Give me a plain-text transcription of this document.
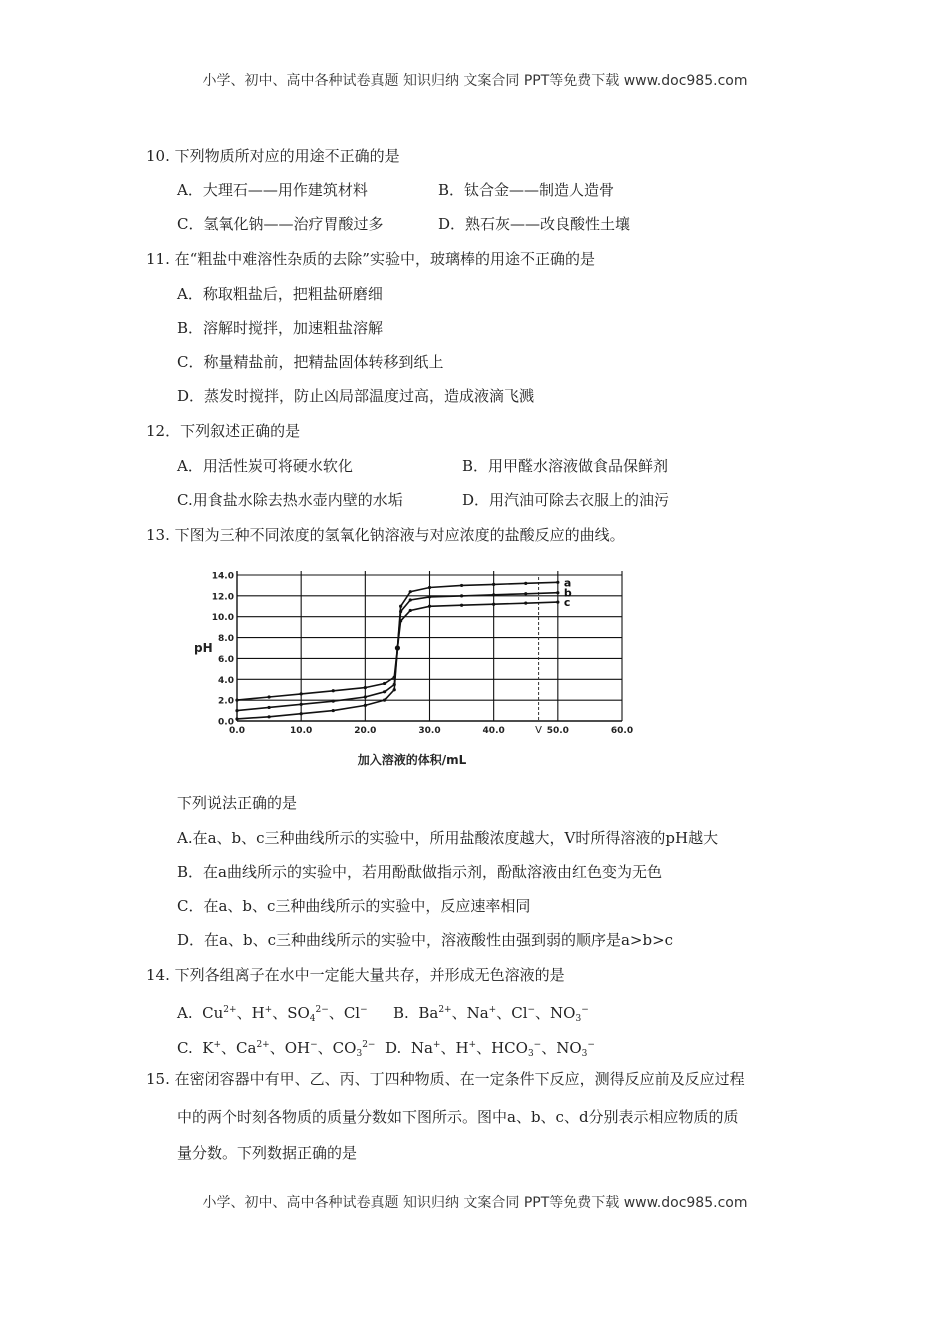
小学、初中、高中各种试卷真题 知识归纳 文案合同 PPT等免费下载 www.doc985.com
10. 下列物质所对应的用途不正确的是
A．大理石——用作建筑材料	B．钛合金——制造人造骨
C．氢氧化钠——治疗胃酸过多	D．熟石灰——改良酸性土壤
11. 在“粗盐中难溶性杂质的去除”实验中，玻璃棒的用途不正确的是
A．称取粗盐后，把粗盐研磨细
B．溶解时搅拌，加速粗盐溶解
C．称量精盐前，把精盐固体转移到纸上
D．蒸发时搅拌，防止凶局部温度过高，造成液滴飞溅
12．下列叙述正确的是
A．用活性炭可将硬水软化	B．用甲醛水溶液做食品保鲜剂
C.用食盐水除去热水壶内壁的水垢	D．用汽油可除去衣服上的油污
13. 下图为三种不同浓度的氢氧化钠溶液与对应浓度的盐酸反应的曲线。
0.0
2.0
4.0
6.0
8.0
10.0
12.0
14.0
0.0	10.0	20.0	30.0	40.0	50.0	60.0
a
b
c
pH
加入溶液的体积/mL
V
下列说法正确的是
A.在a、b、c三种曲线所示的实验中，所用盐酸浓度越大，V时所得溶液的pH越大
B．在a曲线所示的实验中，若用酚酞做指示剂，酚酞溶液由红色变为无色
C．在a、b、c三种曲线所示的实验中，反应速率相同
D．在a、b、c三种曲线所示的实验中，溶液酸性由强到弱的顺序是a>b>c
14. 下列各组离子在水中一定能大量共存，并形成无色溶液的是
A. $Cu^{2+}$、H+、$SO_4^{2-}$、Cl− B. $Ba^{2+}$、Na+、Cl−、$NO_3^-$
C. K+、$Ca^{2+}$、OH−、$CO_3^{2-}$ D. Na+、H+、$HCO_3^-$、$NO_3^-$
15. 在密闭容器中有甲、乙、丙、丁四种物质、在一定条件下反应，测得反应前及反应过程
中的两个时刻各物质的质量分数如下图所示。图中a、b、c、d分别表示相应物质的质
量分数。下列数据正确的是
小学、初中、高中各种试卷真题 知识归纳 文案合同 PPT等免费下载 www.doc985.com
